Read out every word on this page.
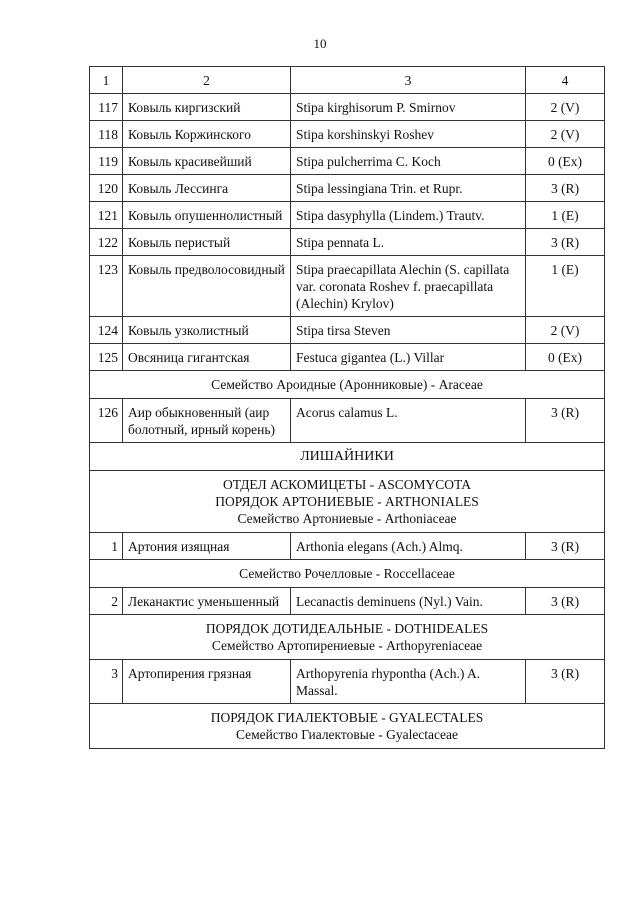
10
1	2	3	4
117	Ковыль киргизский	Stipa kirghisorum P. Smirnov	2 (V)
118	Ковыль Коржинского	Stipa korshinskyi Roshev	2 (V)
119	Ковыль красивейший	Stipa pulcherrima C. Koch	0 (Ex)
120	Ковыль Лессинга	Stipa lessingiana Trin. et Rupr.	3 (R)
121	Ковыль опушеннолистный	Stipa dasyphylla (Lindem.) Trautv.	1 (E)
122	Ковыль перистый	Stipa pennata L.	3 (R)
123	Ковыль предволосовидный	Stipa praecapillata Alechin (S. capillata var. coronata Roshev f. praecapillata (Alechin) Krylov)	1 (E)
124	Ковыль узколистный	Stipa tirsa Steven	2 (V)
125	Овсяница гигантская	Festuca gigantea (L.) Villar	0 (Ex)

Семейство Ароидные (Аронниковые) - Araceae			

126	Аир обыкновенный (аир болотный, ирный корень)	Acorus calamus L.	3 (R)

ЛИШАЙНИКИ			

ОТДЕЛ АСКОМИЦЕТЫ - ASCOMYCOTA
ПОРЯДОК АРТОНИЕВЫЕ - ARTHONIALES
Семейство Артониевые - Arthoniaceae			

1	Артония изящная	Arthonia elegans (Ach.) Almq.	3 (R)

Семейство Рочелловые - Roccellaceae			

2	Леканактис уменьшенный	Lecanactis deminuens (Nyl.) Vain.	3 (R)

ПОРЯДОК ДОТИДЕАЛЬНЫЕ - DOTHIDEALES
Семейство Артопирениевые - Arthopyreniaceae			

3	Артопирения грязная	Arthopyrenia rhypontha (Ach.) A. Massal.	3 (R)

ПОРЯДОК ГИАЛЕКТОВЫЕ - GYALECTALES
Семейство Гиалектовые - Gyalectaceae			
